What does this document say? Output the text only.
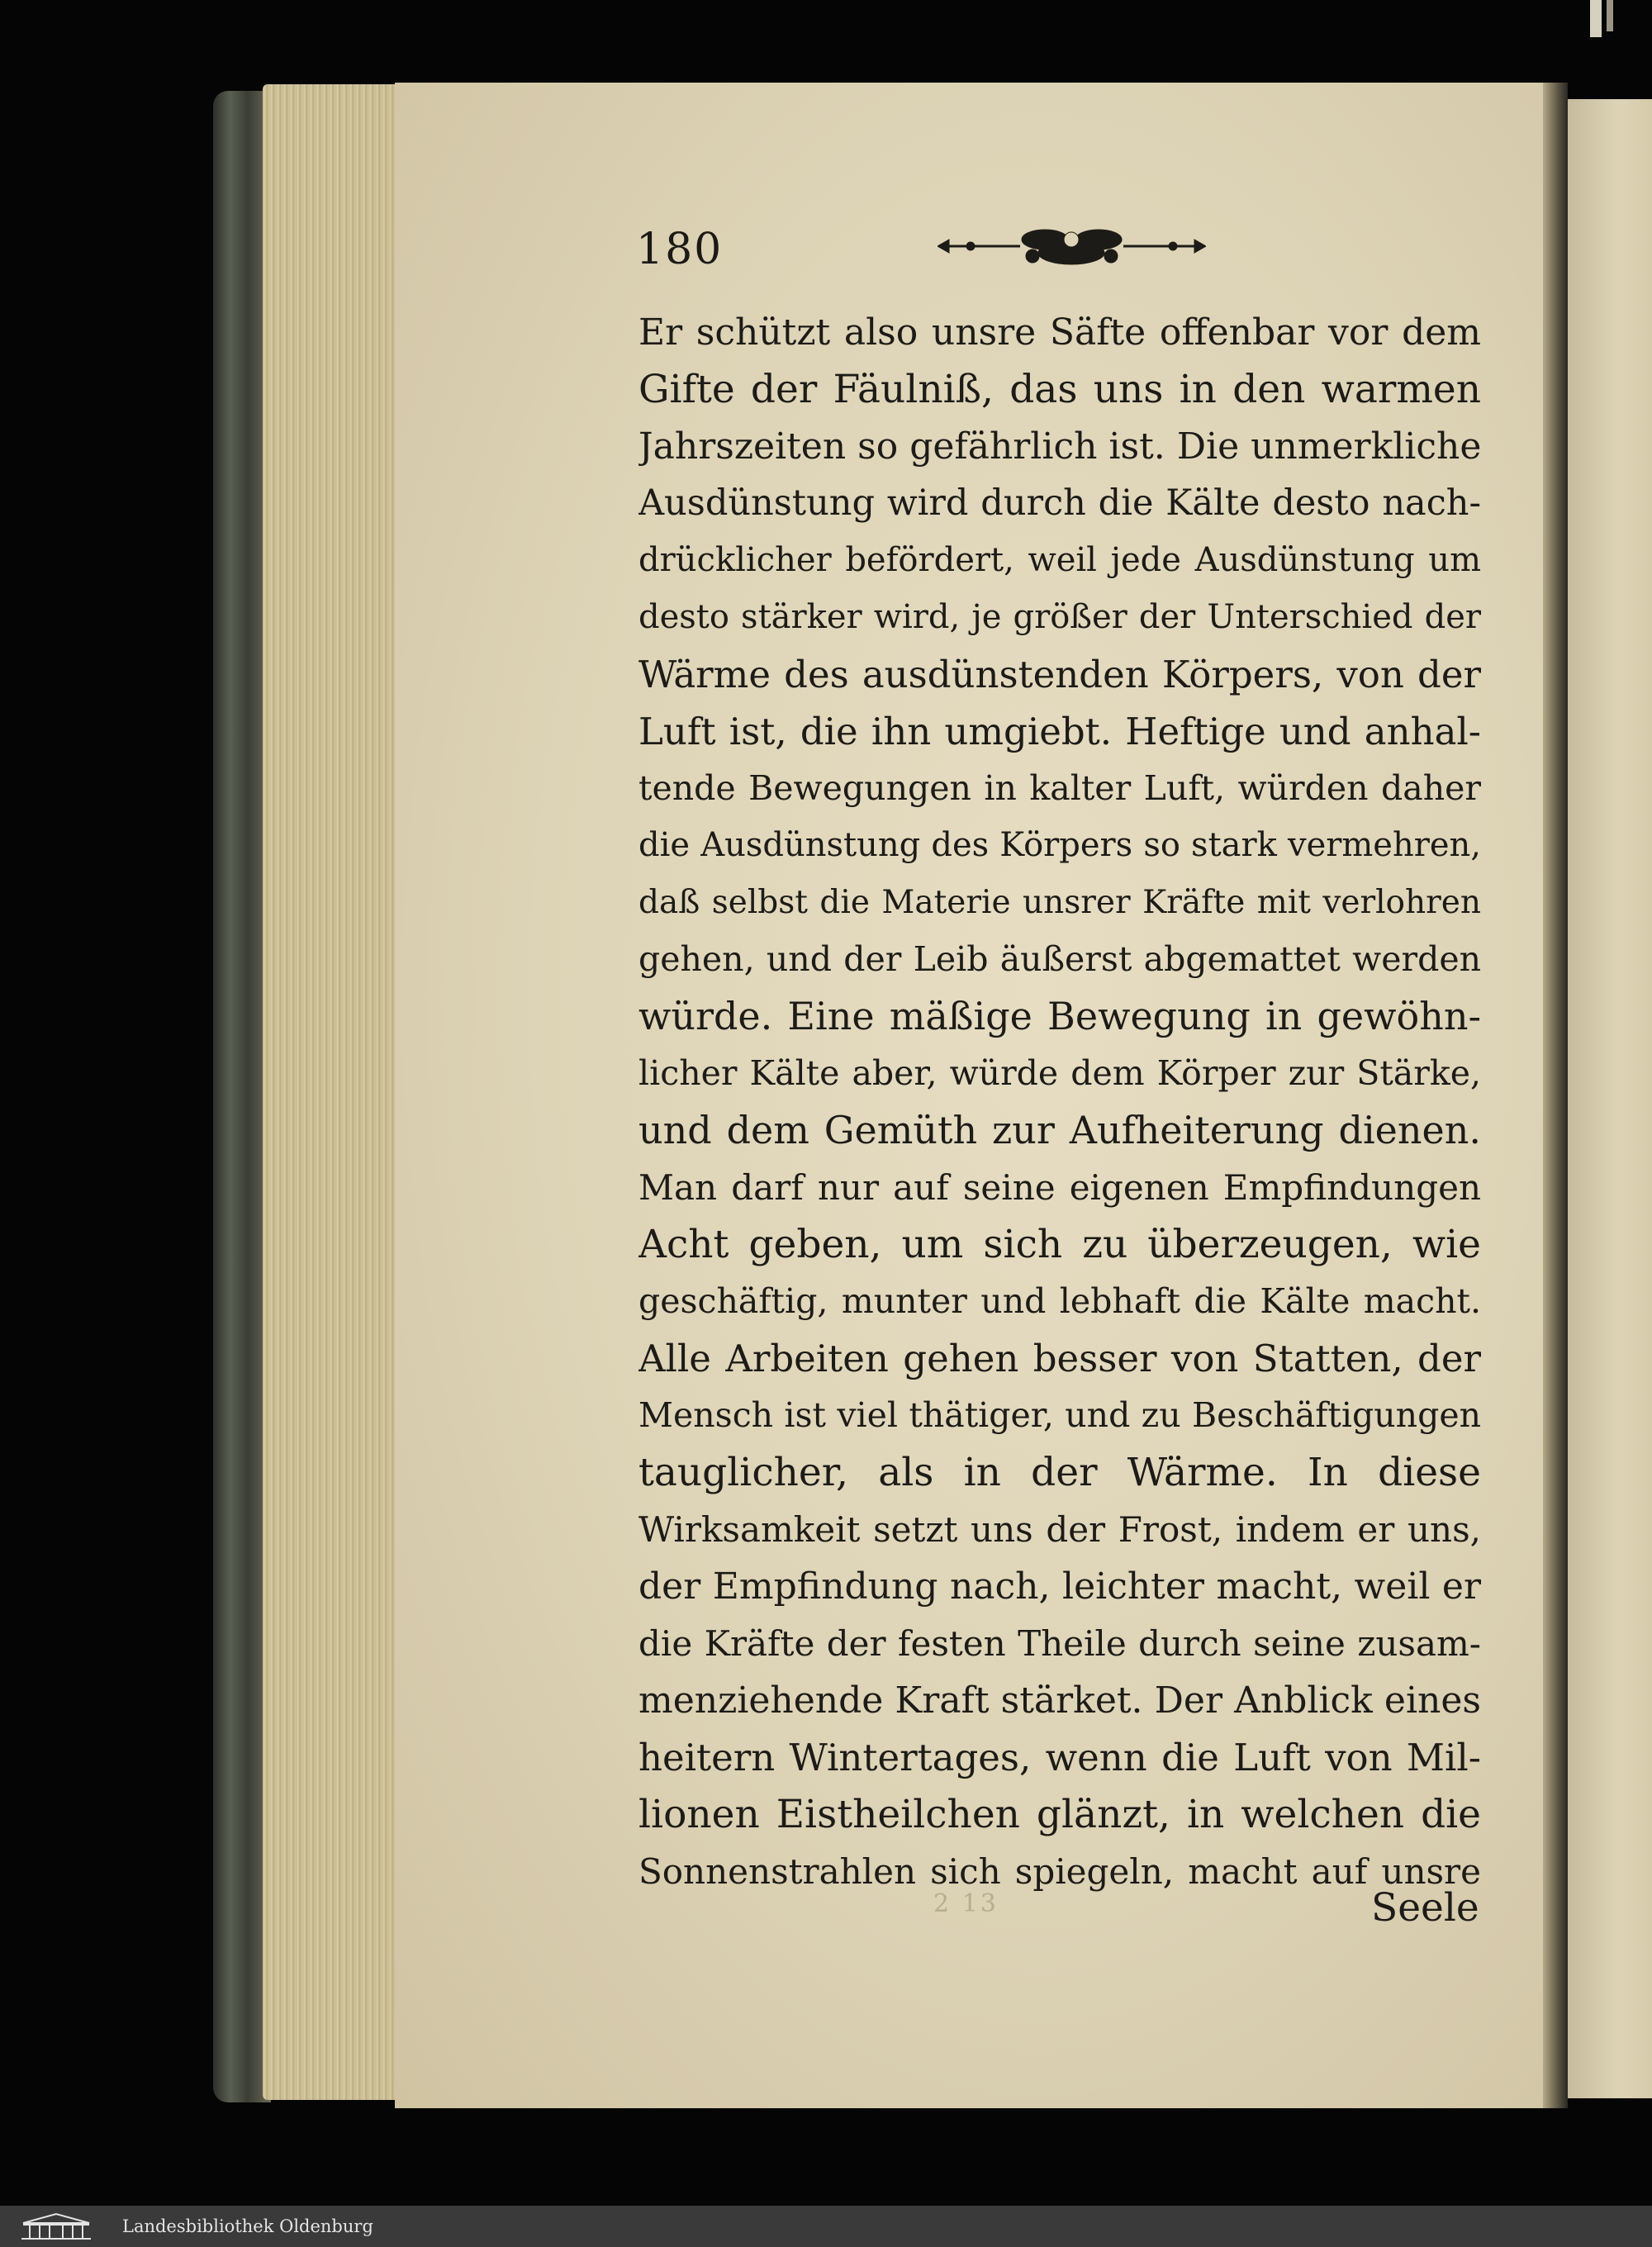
180
Er schützt also unsre Säfte offenbar vor dem
Gifte der Fäulniß, das uns in den warmen
Jahrszeiten so gefährlich ist. Die unmerkliche
Ausdünstung wird durch die Kälte desto nach-
drücklicher befördert, weil jede Ausdünstung um
desto stärker wird, je größer der Unterschied der
Wärme des ausdünstenden Körpers, von der
Luft ist, die ihn umgiebt. Heftige und anhal-
tende Bewegungen in kalter Luft, würden daher
die Ausdünstung des Körpers so stark vermehren,
daß selbst die Materie unsrer Kräfte mit verlohren
gehen, und der Leib äußerst abgemattet werden
würde. Eine mäßige Bewegung in gewöhn-
licher Kälte aber, würde dem Körper zur Stärke,
und dem Gemüth zur Aufheiterung dienen.
Man darf nur auf seine eigenen Empfindungen
Acht geben, um sich zu überzeugen, wie
geschäftig, munter und lebhaft die Kälte macht.
Alle Arbeiten gehen besser von Statten, der
Mensch ist viel thätiger, und zu Beschäftigungen
tauglicher, als in der Wärme. In diese
Wirksamkeit setzt uns der Frost, indem er uns,
der Empfindung nach, leichter macht, weil er
die Kräfte der festen Theile durch seine zusam-
menziehende Kraft stärket. Der Anblick eines
heitern Wintertages, wenn die Luft von Mil-
lionen Eistheilchen glänzt, in welchen die
Sonnenstrahlen sich spiegeln, macht auf unsre
2 13	Seele
Landesbibliothek Oldenburg
